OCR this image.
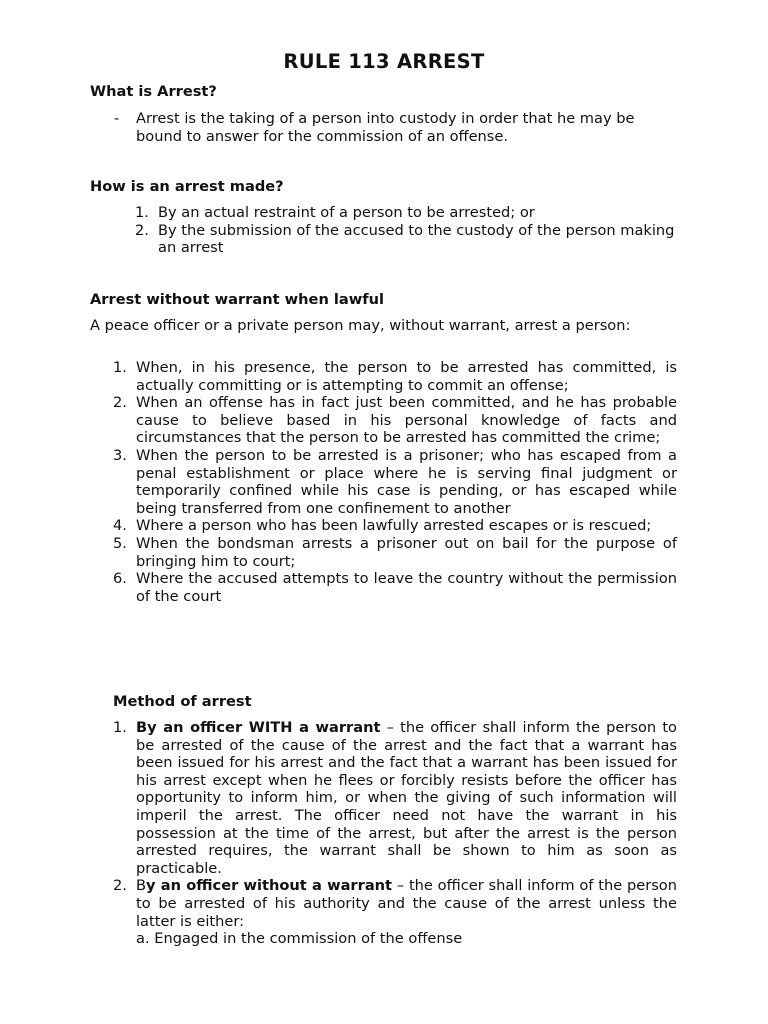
RULE 113 ARREST
What is Arrest?
- Arrest is the taking of a person into custody in order that he may be bound to answer for the commission of an offense.
How is an arrest made?
1. By an actual restraint of a person to be arrested; or
2. By the submission of the accused to the custody of the person making an arrest
Arrest without warrant when lawful

A peace officer or a private person may, without warrant, arrest a person:

1. When, in his presence, the person to be arrested has committed, is actually committing or is attempting to commit an offense;
2. When an offense has in fact just been committed, and he has probable cause to believe based in his personal knowledge of facts and circumstances that the person to be arrested has committed the crime;
3. When the person to be arrested is a prisoner; who has escaped from a penal establishment or place where he is serving final judgment or temporarily confined while his case is pending, or has escaped while being transferred from one confinement to another
4. Where a person who has been lawfully arrested escapes or is rescued;
5. When the bondsman arrests a prisoner out on bail for the purpose of bringing him to court;
6. Where the accused attempts to leave the country without the permission of the court
Method of arrest
1. By an officer WITH a warrant – the officer shall inform the person to be arrested of the cause of the arrest and the fact that a warrant has been issued for his arrest and the fact that a warrant has been issued for his arrest except when he flees or forcibly resists before the officer has opportunity to inform him, or when the giving of such information will imperil the arrest. The officer need not have the warrant in his possession at the time of the arrest, but after the arrest is the person arrested requires, the warrant shall be shown to him as soon as practicable.
2. By an officer without a warrant – the officer shall inform of the person to be arrested of his authority and the cause of the arrest unless the latter is either:
a. Engaged in the commission of the offense
